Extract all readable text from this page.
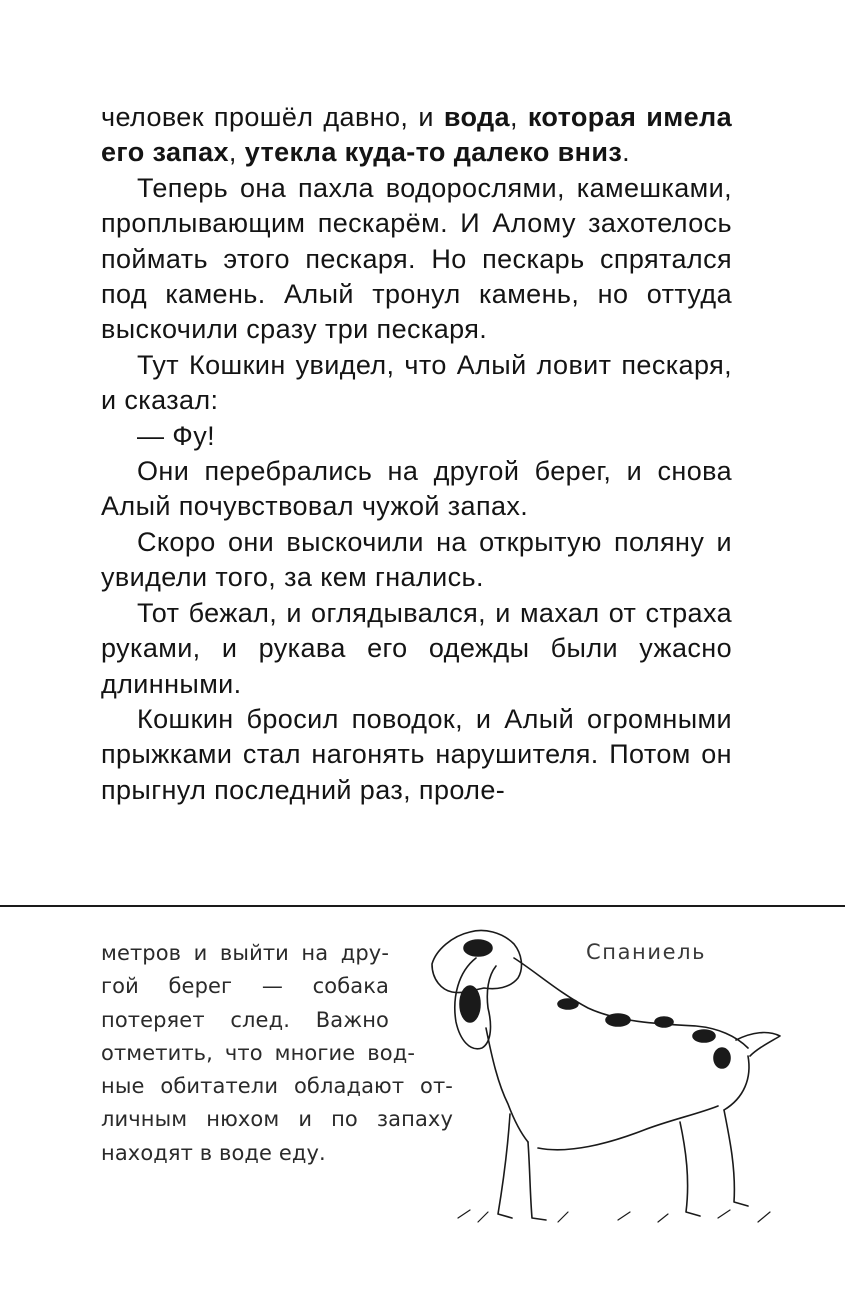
человек прошёл давно, и вода, которая имела его запах, утекла куда-то далеко вниз.

Теперь она пахла водорослями, камешками, проплывающим пескарём. И Алому захотелось поймать этого пескаря. Но пескарь спрятался под камень. Алый тронул камень, но оттуда выскочили сразу три пескаря.

Тут Кошкин увидел, что Алый ловит пескаря, и сказал:

— Фу!

Они перебрались на другой берег, и снова Алый почувствовал чужой запах.

Скоро они выскочили на открытую поляну и увидели того, за кем гнались.

Тот бежал, и оглядывался, и махал от страха руками, и рукава его одежды были ужасно длинными.

Кошкин бросил поводок, и Алый огромными прыжками стал нагонять нарушителя. Потом он прыгнул последний раз, проле-

метров и выйти на дру-
гой берег — собака
потеряет след. Важно
отметить, что многие вод-
ные обитатели обладают от-
личным нюхом и по запаху
находят в воде еду.
Спаниель
